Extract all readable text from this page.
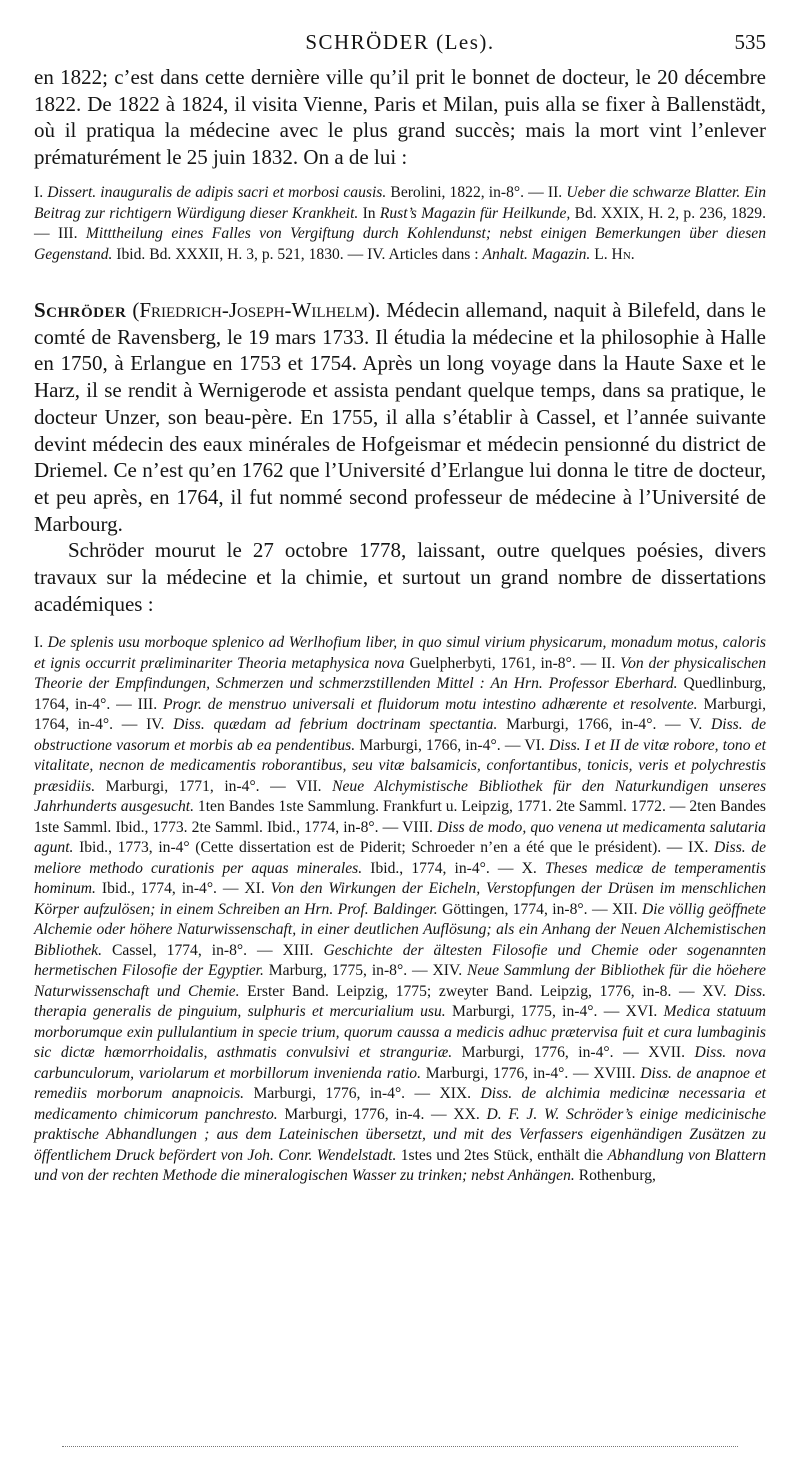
SCHRÖDER (Les).	535

en 1822; c’est dans cette dernière ville qu’il prit le bonnet de docteur, le 20 décembre 1822. De 1822 à 1824, il visita Vienne, Paris et Milan, puis alla se fixer à Ballenstädt, où il pratiqua la médecine avec le plus grand succès; mais la mort vint l’enlever prématurément le 25 juin 1832. On a de lui :

I. Dissert. inauguralis de adipis sacri et morbosi causis. Berolini, 1822, in-8°. — II. Ueber die schwarze Blatter. Ein Beitrag zur richtigern Würdigung dieser Krankheit. In Rust’s Magazin für Heilkunde, Bd. XXIX, H. 2, p. 236, 1829. — III. Mitttheilung eines Falles von Vergiftung durch Kohlendunst; nebst einigen Bemerkungen über diesen Gegenstand. Ibid. Bd. XXXII, H. 3, p. 521, 1830. — IV. Articles dans : Anhalt. Magazin. L. Hn.

Schröder (Friedrich-Joseph-Wilhelm). Médecin allemand, naquit à Bilefeld, dans le comté de Ravensberg, le 19 mars 1733. Il étudia la médecine et la philosophie à Halle en 1750, à Erlangue en 1753 et 1754. Après un long voyage dans la Haute Saxe et le Harz, il se rendit à Wernigerode et assista pendant quelque temps, dans sa pratique, le docteur Unzer, son beau-père. En 1755, il alla s’établir à Cassel, et l’année suivante devint médecin des eaux minérales de Hofgeismar et médecin pensionné du district de Driemel. Ce n’est qu’en 1762 que l’Université d’Erlangue lui donna le titre de docteur, et peu après, en 1764, il fut nommé second professeur de médecine à l’Université de Marbourg.

Schröder mourut le 27 octobre 1778, laissant, outre quelques poésies, divers travaux sur la médecine et la chimie, et surtout un grand nombre de dissertations académiques :

I. De splenis usu morboque splenico ad Werlhofium liber, in quo simul virium physicarum, monadum motus, caloris et ignis occurrit præliminariter Theoria metaphysica nova Guelpherbyti, 1761, in-8°. — II. Von der physicalischen Theorie der Empfindungen, Schmerzen und schmerzstillenden Mittel : An Hrn. Professor Eberhard. Quedlinburg, 1764, in-4°. — III. Progr. de menstruo universali et fluidorum motu intestino adhærente et resolvente. Marburgi, 1764, in-4°. — IV. Diss. quædam ad febrium doctrinam spectantia. Marburgi, 1766, in-4°. — V. Diss. de obstructione vasorum et morbis ab ea pendentibus. Marburgi, 1766, in-4°. — VI. Diss. I et II de vitæ robore, tono et vitalitate, necnon de medicamentis roborantibus, seu vitæ balsamicis, confortantibus, tonicis, veris et polychrestis præsidiis. Marburgi, 1771, in-4°. — VII. Neue Alchymistische Bibliothek für den Naturkundigen unseres Jahrhunderts ausgesucht. 1ten Bandes 1ste Sammlung. Frankfurt u. Leipzig, 1771. 2te Samml. 1772. — 2ten Bandes 1ste Samml. Ibid., 1773. 2te Samml. Ibid., 1774, in-8°. — VIII. Diss de modo, quo venena ut medicamenta salutaria agunt. Ibid., 1773, in-4° (Cette dissertation est de Piderit; Schroeder n’en a été que le président). — IX. Diss. de meliore methodo curationis per aquas minerales. Ibid., 1774, in-4°. — X. Theses medicæ de temperamentis hominum. Ibid., 1774, in-4°. — XI. Von den Wirkungen der Eicheln, Verstopfungen der Drüsen im menschlichen Körper aufzulösen; in einem Schreiben an Hrn. Prof. Baldinger. Göttingen, 1774, in-8°. — XII. Die völlig geöffnete Alchemie oder höhere Naturwissenschaft, in einer deutlichen Auflösung; als ein Anhang der Neuen Alchemistischen Bibliothek. Cassel, 1774, in-8°. — XIII. Geschichte der ältesten Filosofie und Chemie oder sogenannten hermetischen Filosofie der Egyptier. Marburg, 1775, in-8°. — XIV. Neue Sammlung der Bibliothek für die höehere Naturwissenschaft und Chemie. Erster Band. Leipzig, 1775; zweyter Band. Leipzig, 1776, in-8. — XV. Diss. therapia generalis de pinguium, sulphuris et mercurialium usu. Marburgi, 1775, in-4°. — XVI. Medica statuum morborumque exin pullulantium in specie trium, quorum caussa a medicis adhuc prætervisa fuit et cura lumbaginis sic dictæ hæmorrhoidalis, asthmatis convulsivi et stranguriæ. Marburgi, 1776, in-4°. — XVII. Diss. nova carbunculorum, variolarum et morbillorum invenienda ratio. Marburgi, 1776, in-4°. — XVIII. Diss. de anapnoe et remediis morborum anapnoicis. Marburgi, 1776, in-4°. — XIX. Diss. de alchimia medicinæ necessaria et medicamento chimicorum panchresto. Marburgi, 1776, in-4. — XX. D. F. J. W. Schröder’s einige medicinische praktische Abhandlungen ; aus dem Lateinischen übersetzt, und mit des Verfassers eigenhändigen Zusätzen zu öffentlichem Druck befördert von Joh. Conr. Wendelstadt. 1stes und 2tes Stück, enthält die Abhandlung von Blattern und von der rechten Methode die mineralogischen Wasser zu trinken; nebst Anhängen. Rothenburg,
